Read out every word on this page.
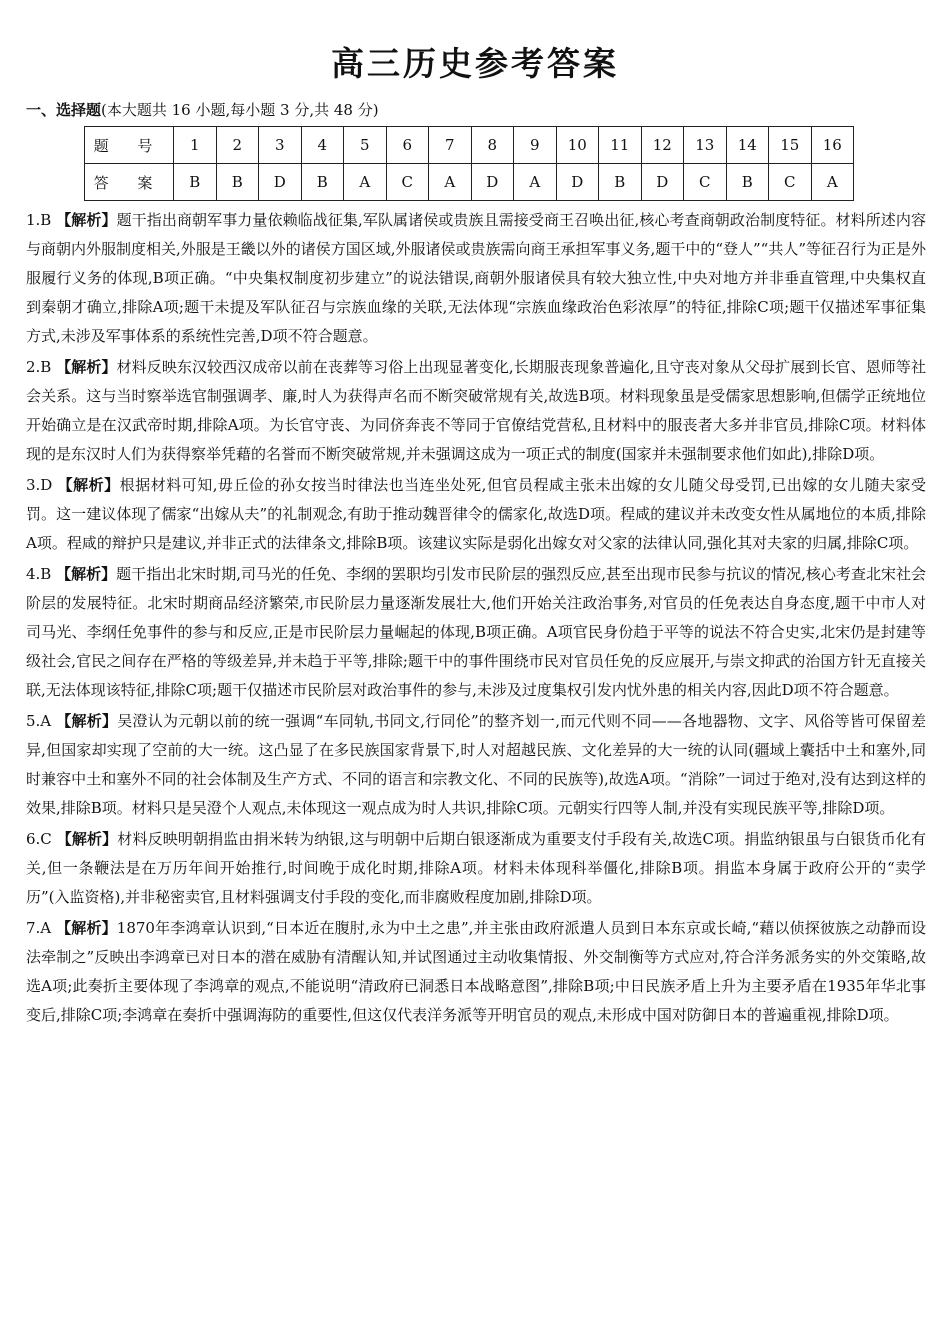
高三历史参考答案
一、选择题(本大题共 16 小题,每小题 3 分,共 48 分)
题 号	1	2	3	4	5	6	7	8	9	10	11	12	13	14	15	16
答 案	B	B	D	B	A	C	A	D	A	D	B	D	C	B	C	A
1.B 【解析】题干指出商朝军事力量依赖临战征集,军队属诸侯或贵族且需接受商王召唤出征,核心考查商朝政治制度特征。材料所述内容与商朝内外服制度相关,外服是王畿以外的诸侯方国区域,外服诸侯或贵族需向商王承担军事义务,题干中的“登人”“共人”等征召行为正是外服履行义务的体现,B项正确。“中央集权制度初步建立”的说法错误,商朝外服诸侯具有较大独立性,中央对地方并非垂直管理,中央集权直到秦朝才确立,排除A项;题干未提及军队征召与宗族血缘的关联,无法体现“宗族血缘政治色彩浓厚”的特征,排除C项;题干仅描述军事征集方式,未涉及军事体系的系统性完善,D项不符合题意。
2.B 【解析】材料反映东汉较西汉成帝以前在丧葬等习俗上出现显著变化,长期服丧现象普遍化,且守丧对象从父母扩展到长官、恩师等社会关系。这与当时察举选官制强调孝、廉,时人为获得声名而不断突破常规有关,故选B项。材料现象虽是受儒家思想影响,但儒学正统地位开始确立是在汉武帝时期,排除A项。为长官守丧、为同侪奔丧不等同于官僚结党营私,且材料中的服丧者大多并非官员,排除C项。材料体现的是东汉时人们为获得察举凭藉的名誉而不断突破常规,并未强调这成为一项正式的制度(国家并未强制要求他们如此),排除D项。
3.D 【解析】根据材料可知,毋丘俭的孙女按当时律法也当连坐处死,但官员程咸主张未出嫁的女儿随父母受罚,已出嫁的女儿随夫家受罚。这一建议体现了儒家“出嫁从夫”的礼制观念,有助于推动魏晋律令的儒家化,故选D项。程咸的建议并未改变女性从属地位的本质,排除A项。程咸的辩护只是建议,并非正式的法律条文,排除B项。该建议实际是弱化出嫁女对父家的法律认同,强化其对夫家的归属,排除C项。
4.B 【解析】题干指出北宋时期,司马光的任免、李纲的罢职均引发市民阶层的强烈反应,甚至出现市民参与抗议的情况,核心考查北宋社会阶层的发展特征。北宋时期商品经济繁荣,市民阶层力量逐渐发展壮大,他们开始关注政治事务,对官员的任免表达自身态度,题干中市人对司马光、李纲任免事件的参与和反应,正是市民阶层力量崛起的体现,B项正确。A项官民身份趋于平等的说法不符合史实,北宋仍是封建等级社会,官民之间存在严格的等级差异,并未趋于平等,排除;题干中的事件围绕市民对官员任免的反应展开,与崇文抑武的治国方针无直接关联,无法体现该特征,排除C项;题干仅描述市民阶层对政治事件的参与,未涉及过度集权引发内忧外患的相关内容,因此D项不符合题意。
5.A 【解析】吴澄认为元朝以前的统一强调“车同轨,书同文,行同伦”的整齐划一,而元代则不同——各地器物、文字、风俗等皆可保留差异,但国家却实现了空前的大一统。这凸显了在多民族国家背景下,时人对超越民族、文化差异的大一统的认同(疆域上囊括中土和塞外,同时兼容中土和塞外不同的社会体制及生产方式、不同的语言和宗教文化、不同的民族等),故选A项。“消除”一词过于绝对,没有达到这样的效果,排除B项。材料只是吴澄个人观点,未体现这一观点成为时人共识,排除C项。元朝实行四等人制,并没有实现民族平等,排除D项。
6.C 【解析】材料反映明朝捐监由捐米转为纳银,这与明朝中后期白银逐渐成为重要支付手段有关,故选C项。捐监纳银虽与白银货币化有关,但一条鞭法是在万历年间开始推行,时间晚于成化时期,排除A项。材料未体现科举僵化,排除B项。捐监本身属于政府公开的“卖学历”(入监资格),并非秘密卖官,且材料强调支付手段的变化,而非腐败程度加剧,排除D项。
7.A 【解析】1870年李鸿章认识到,“日本近在腹肘,永为中土之患”,并主张由政府派遣人员到日本东京或长崎,“藉以侦探彼族之动静而设法牵制之”反映出李鸿章已对日本的潜在威胁有清醒认知,并试图通过主动收集情报、外交制衡等方式应对,符合洋务派务实的外交策略,故选A项;此奏折主要体现了李鸿章的观点,不能说明“清政府已洞悉日本战略意图”,排除B项;中日民族矛盾上升为主要矛盾在1935年华北事变后,排除C项;李鸿章在奏折中强调海防的重要性,但这仅代表洋务派等开明官员的观点,未形成中国对防御日本的普遍重视,排除D项。
